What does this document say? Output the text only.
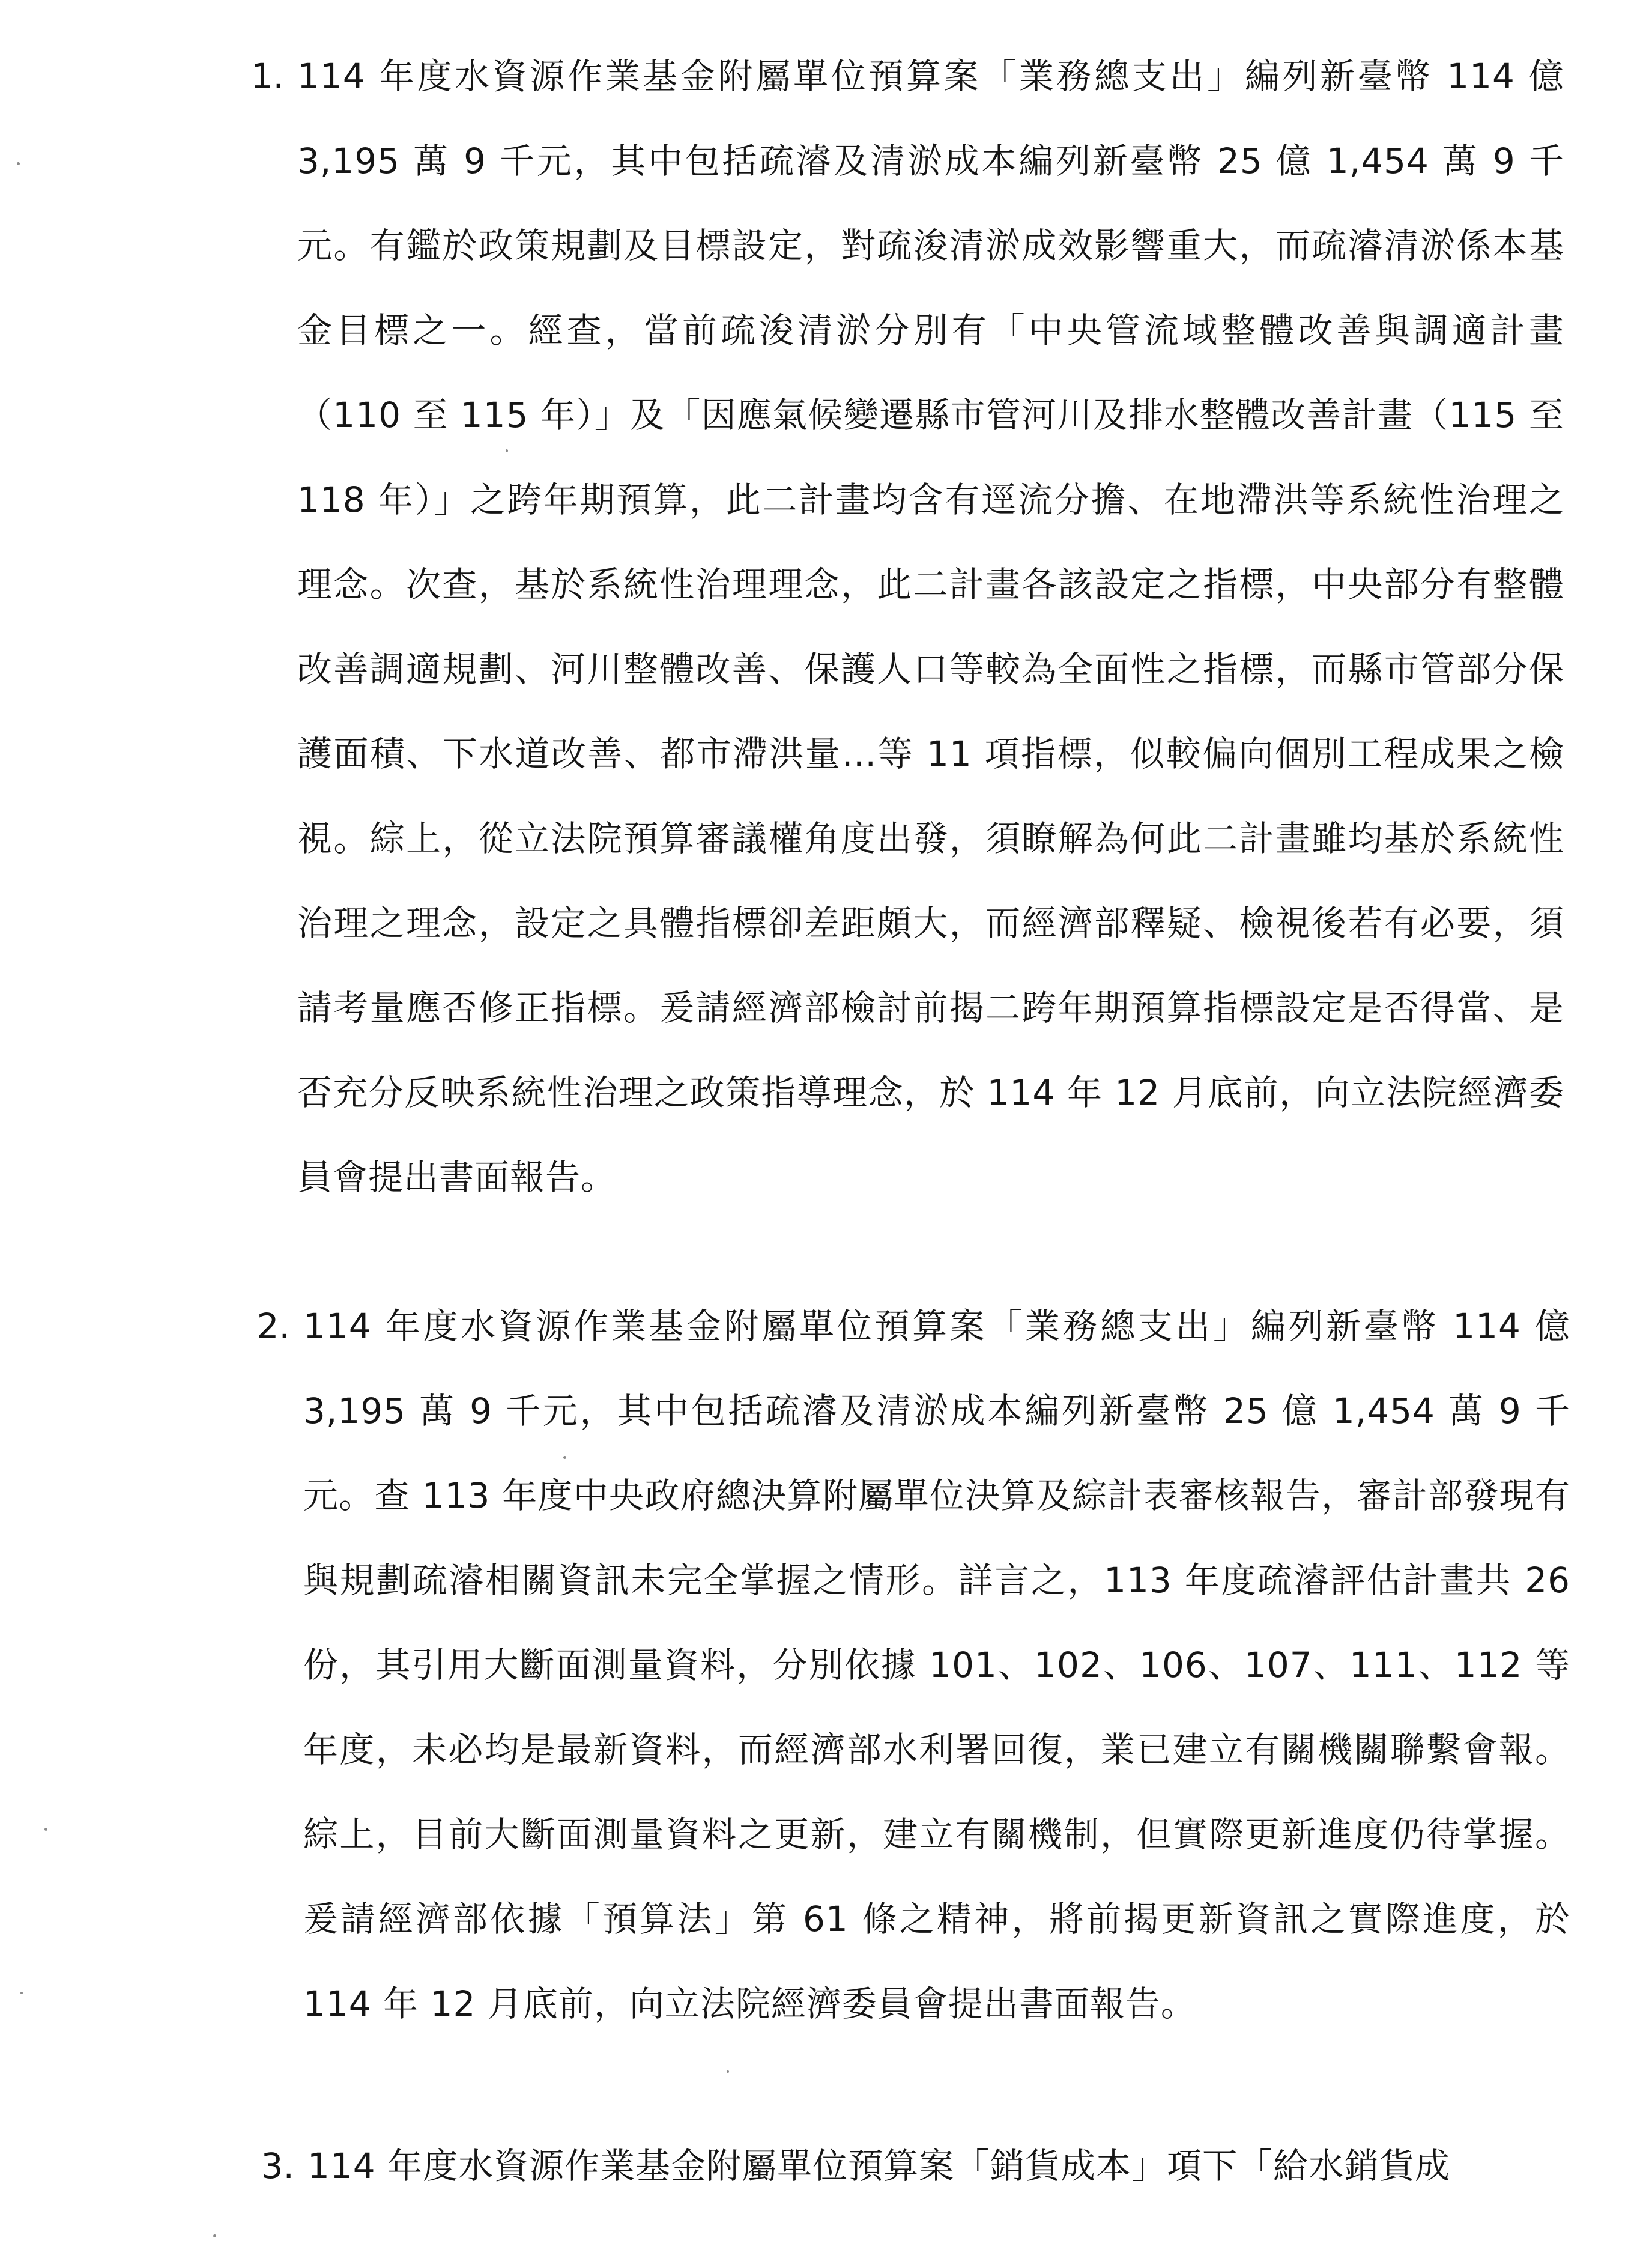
1. 114 年度水資源作業基金附屬單位預算案「業務總支出」編列新臺幣 114 億 3,195 萬 9 千元，其中包括疏濬及清淤成本編列新臺幣 25 億 1,454 萬 9 千元。有鑑於政策規劃及目標設定，對疏浚清淤成效影響重大，而疏濬清淤係本基金目標之一。經查，當前疏浚清淤分別有「中央管流域整體改善與調適計畫（110 至 115 年）」及「因應氣候變遷縣市管河川及排水整體改善計畫（115 至 118 年）」之跨年期預算，此二計畫均含有逕流分擔、在地滯洪等系統性治理之理念。次查，基於系統性治理理念，此二計畫各該設定之指標，中央部分有整體改善調適規劃、河川整體改善、保護人口等較為全面性之指標，而縣市管部分保護面積、下水道改善、都市滯洪量…等 11 項指標，似較偏向個別工程成果之檢視。綜上，從立法院預算審議權角度出發，須瞭解為何此二計畫雖均基於系統性治理之理念，設定之具體指標卻差距頗大，而經濟部釋疑、檢視後若有必要，須請考量應否修正指標。爰請經濟部檢討前揭二跨年期預算指標設定是否得當、是否充分反映系統性治理之政策指導理念，於 114 年 12 月底前，向立法院經濟委員會提出書面報告。
2. 114 年度水資源作業基金附屬單位預算案「業務總支出」編列新臺幣 114 億 3,195 萬 9 千元，其中包括疏濬及清淤成本編列新臺幣 25 億 1,454 萬 9 千元。查 113 年度中央政府總決算附屬單位決算及綜計表審核報告，審計部發現有與規劃疏濬相關資訊未完全掌握之情形。詳言之，113 年度疏濬評估計畫共 26 份，其引用大斷面測量資料，分別依據 101、102、106、107、111、112 等年度，未必均是最新資料，而經濟部水利署回復，業已建立有關機關聯繫會報。綜上，目前大斷面測量資料之更新，建立有關機制，但實際更新進度仍待掌握。爰請經濟部依據「預算法」第 61 條之精神，將前揭更新資訊之實際進度，於 114 年 12 月底前，向立法院經濟委員會提出書面報告。
3. 114 年度水資源作業基金附屬單位預算案「銷貨成本」項下「給水銷貨成
